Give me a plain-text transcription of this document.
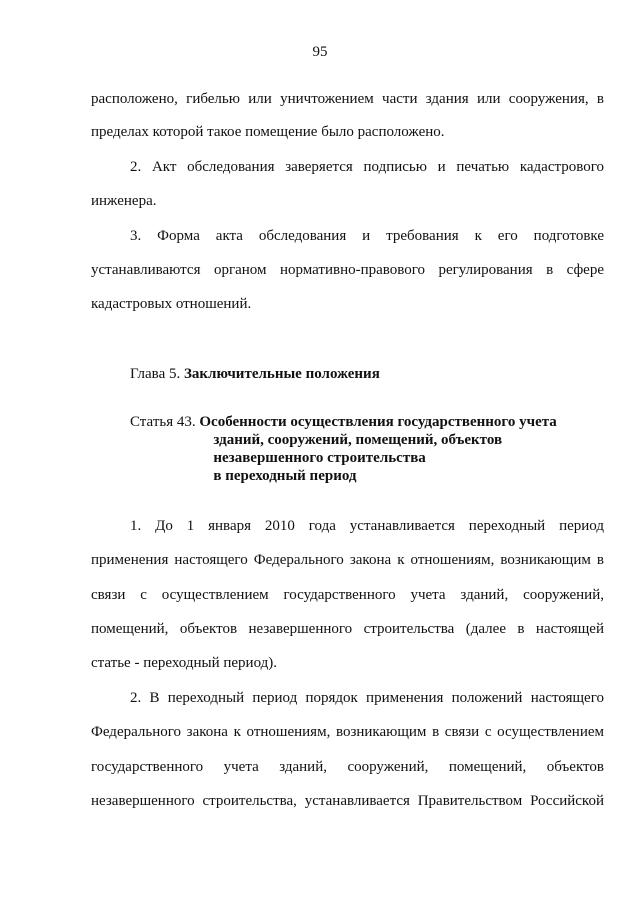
95
расположено, гибелью или уничтожением части здания или сооружения, в
пределах которой такое помещение было расположено.
2. Акт обследования заверяется подписью и печатью кадастрового
инженера.
3. Форма акта обследования и требования к его подготовке
устанавливаются органом нормативно-правового регулирования в сфере
кадастровых отношений.
Глава 5. Заключительные положения
Статья 43. Особенности осуществления государственного учета
зданий, сооружений, помещений, объектов
незавершенного строительства
в переходный период
1. До 1 января 2010 года устанавливается переходный период
применения настоящего Федерального закона к отношениям, возникающим в
связи с осуществлением государственного учета зданий, сооружений,
помещений, объектов незавершенного строительства (далее в настоящей
статье - переходный период).
2. В переходный период порядок применения положений настоящего
Федерального закона к отношениям, возникающим в связи с осуществлением
государственного учета зданий, сооружений, помещений, объектов
незавершенного строительства, устанавливается Правительством Российской
